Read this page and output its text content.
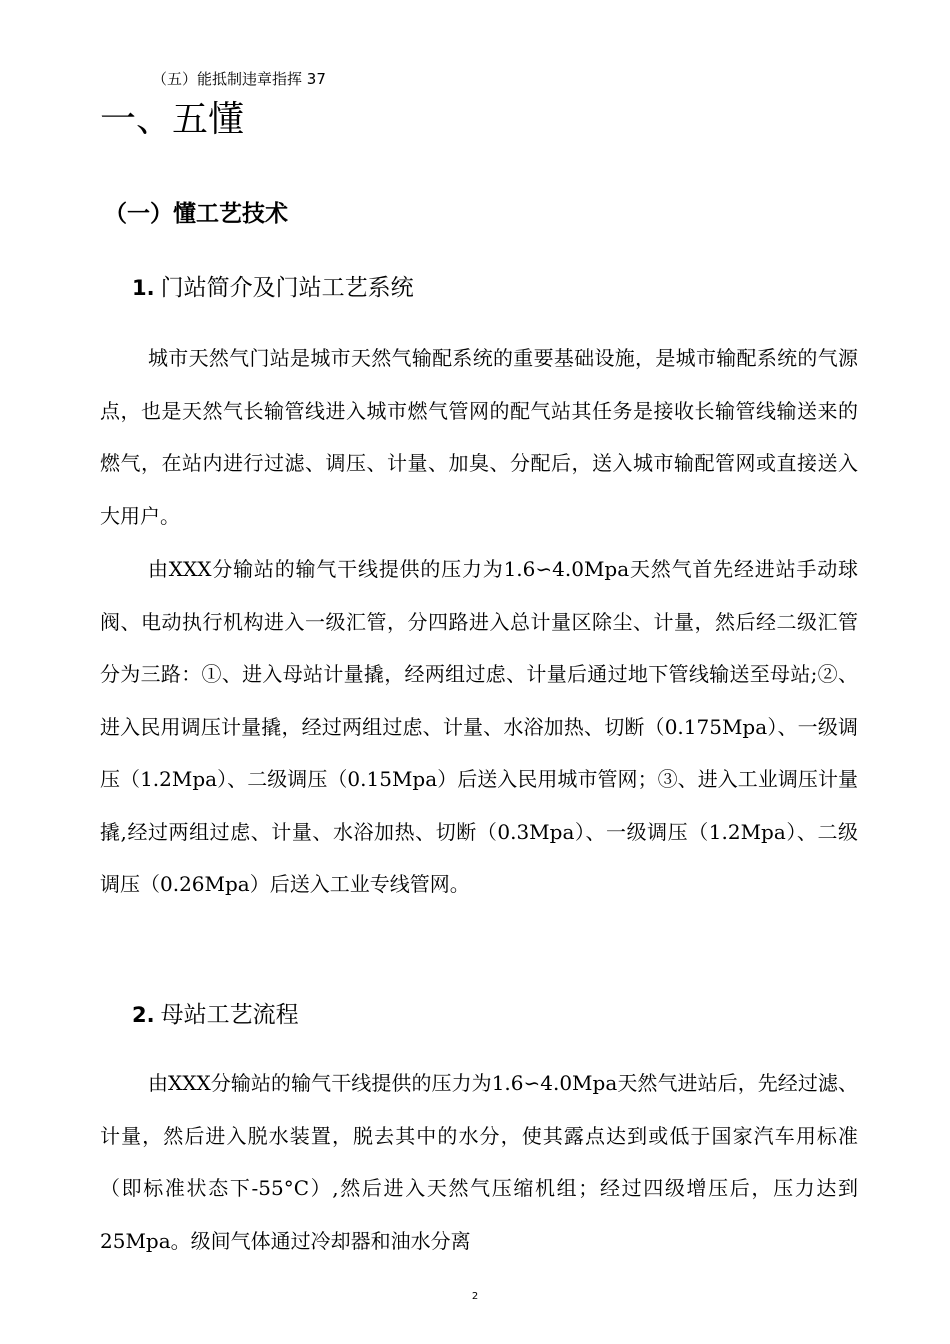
（五）能抵制违章指挥 37
一、五懂
（一）懂工艺技术
1. 门站简介及门站工艺系统

城市天然气门站是城市天然气输配系统的重要基础设施，是城市输配系统的气源点，也是天然气长输管线进入城市燃气管网的配气站其任务是接收长输管线输送来的燃气，在站内进行过滤、调压、计量、加臭、分配后，送入城市输配管网或直接送入大用户。

由XXX分输站的输气干线提供的压力为1.6∽4.0Mpa天然气首先经进站手动球阀、电动执行机构进入一级汇管，分四路进入总计量区除尘、计量，然后经二级汇管分为三路：①、进入母站计量撬，经两组过虑、计量后通过地下管线输送至母站;②、进入民用调压计量撬，经过两组过虑、计量、水浴加热、切断（0.175Mpa）、一级调压（1.2Mpa）、二级调压（0.15Mpa）后送入民用城市管网；③、进入工业调压计量撬,经过两组过虑、计量、水浴加热、切断（0.3Mpa）、一级调压（1.2Mpa）、二级调压（0.26Mpa）后送入工业专线管网。

2. 母站工艺流程

由XXX分输站的输气干线提供的压力为1.6∽4.0Mpa天然气进站后，先经过滤、计量，然后进入脱水装置，脱去其中的水分，使其露点达到或低于国家汽车用标准（即标准状态下-55°C）,然后进入天然气压缩机组；经过四级增压后，压力达到25Mpa。级间气体通过冷却器和油水分离

2
